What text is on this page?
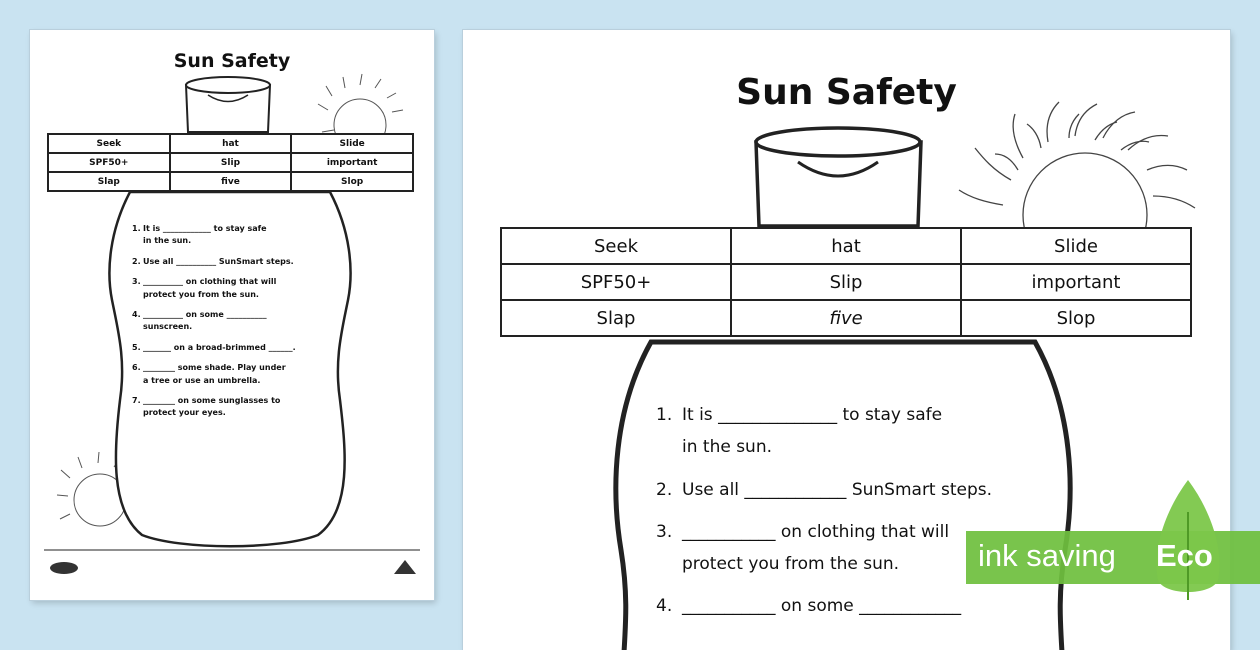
Sun Safety
Seek	hat	Slide
SPF50+	Slip	important
Slap	five	Slop
1. It is ____________ to stay safe
in the sun.
2. Use all __________ SunSmart steps.
3. __________ on clothing that will
protect you from the sun.
4. __________ on some __________
sunscreen.
5. _______ on a broad-brimmed ______.
6. ________ some shade. Play under
a tree or use an umbrella.
7. ________ on some sunglasses to
protect your eyes.
Sun Safety
Seek	hat	Slide
SPF50+	Slip	important
Slap	five	Slop
1. It is ______________ to stay safe
in the sun.
2. Use all ____________ SunSmart steps.
3. ___________ on clothing that will
protect you from the sun.
4. ___________ on some ____________
ink saving Eco
